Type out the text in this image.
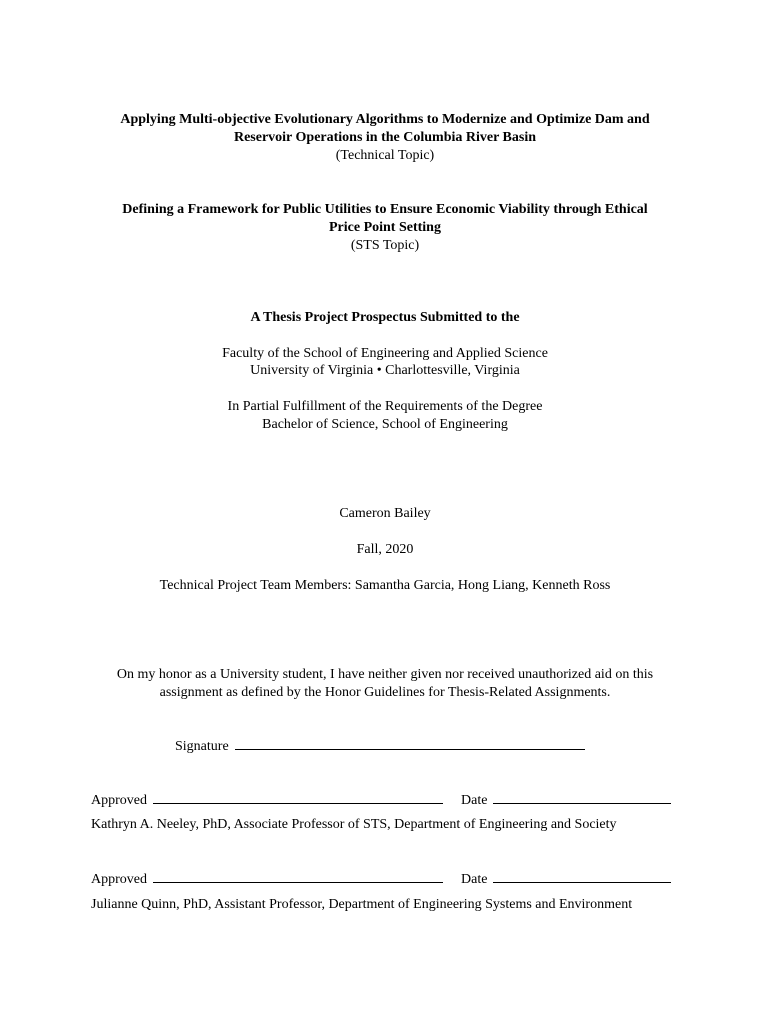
Applying Multi-objective Evolutionary Algorithms to Modernize and Optimize Dam and
Reservoir Operations in the Columbia River Basin
(Technical Topic)
Defining a Framework for Public Utilities to Ensure Economic Viability through Ethical
Price Point Setting
(STS Topic)
A Thesis Project Prospectus Submitted to the
Faculty of the School of Engineering and Applied Science
University of Virginia • Charlottesville, Virginia
In Partial Fulfillment of the Requirements of the Degree
Bachelor of Science, School of Engineering
Cameron Bailey
Fall, 2020
Technical Project Team Members: Samantha Garcia, Hong Liang, Kenneth Ross
On my honor as a University student, I have neither given nor received unauthorized aid on this
assignment as defined by the Honor Guidelines for Thesis-Related Assignments.
Signature
Approved	Date
Kathryn A. Neeley, PhD, Associate Professor of STS, Department of Engineering and Society
Approved	Date
Julianne Quinn, PhD, Assistant Professor, Department of Engineering Systems and Environment
